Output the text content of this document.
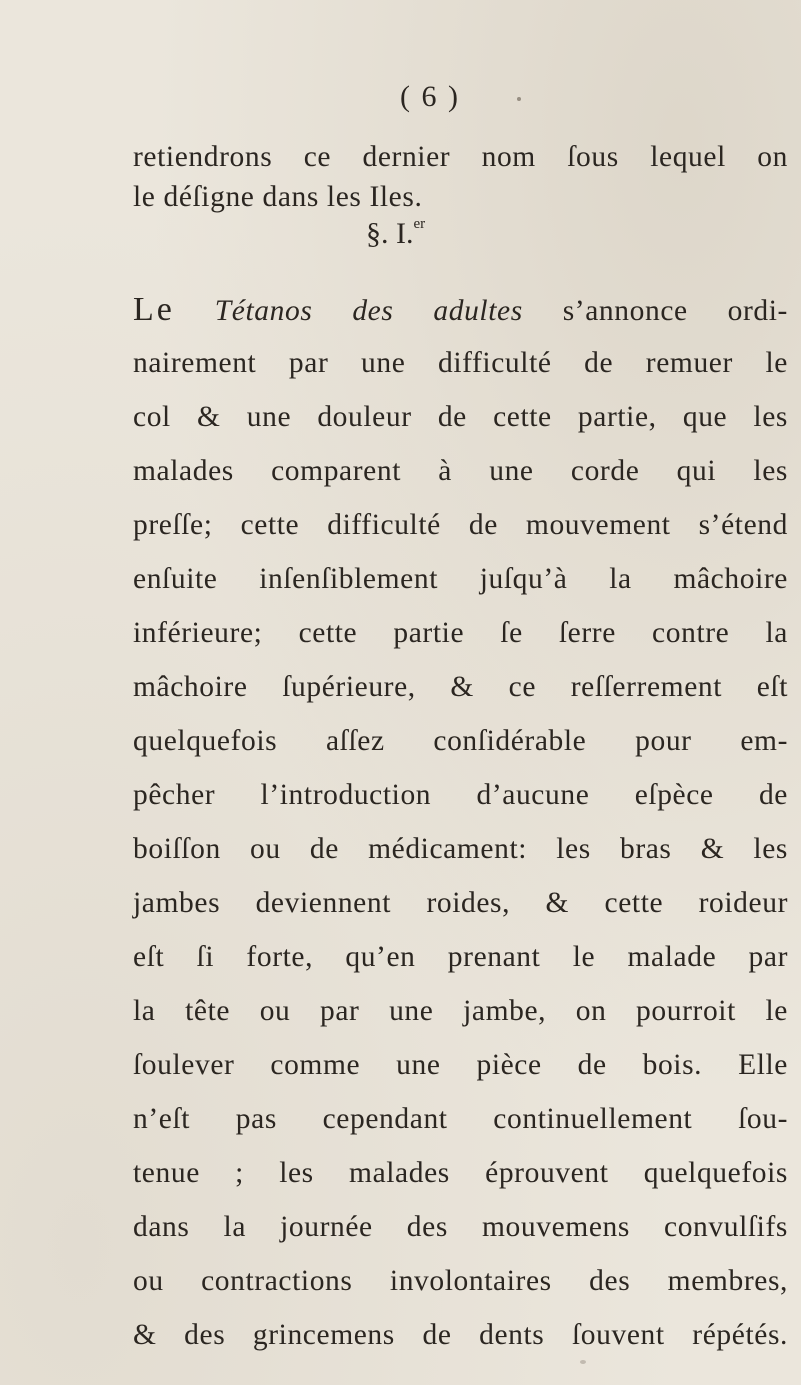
( 6 )
retiendrons ce dernier nom ſous lequel on
le déſigne dans les Iles.
§. I.$^{er}$
Le Tétanos des adultes s’annonce ordi-
nairement par une difficulté de remuer le
col & une douleur de cette partie, que les
malades comparent à une corde qui les
preſſe; cette difficulté de mouvement s’étend
enſuite inſenſiblement juſqu’à la mâchoire
inférieure; cette partie ſe ſerre contre la
mâchoire ſupérieure, & ce reſſerrement eſt
quelquefois aſſez conſidérable pour em-
pêcher l’introduction d’aucune eſpèce de
boiſſon ou de médicament: les bras & les
jambes deviennent roides, & cette roideur
eſt ſi forte, qu’en prenant le malade par
la tête ou par une jambe, on pourroit le
ſoulever comme une pièce de bois. Elle
n’eſt pas cependant continuellement ſou-
tenue ; les malades éprouvent quelquefois
dans la journée des mouvemens convulſifs
ou contractions involontaires des membres,
& des grincemens de dents ſouvent répétés.
